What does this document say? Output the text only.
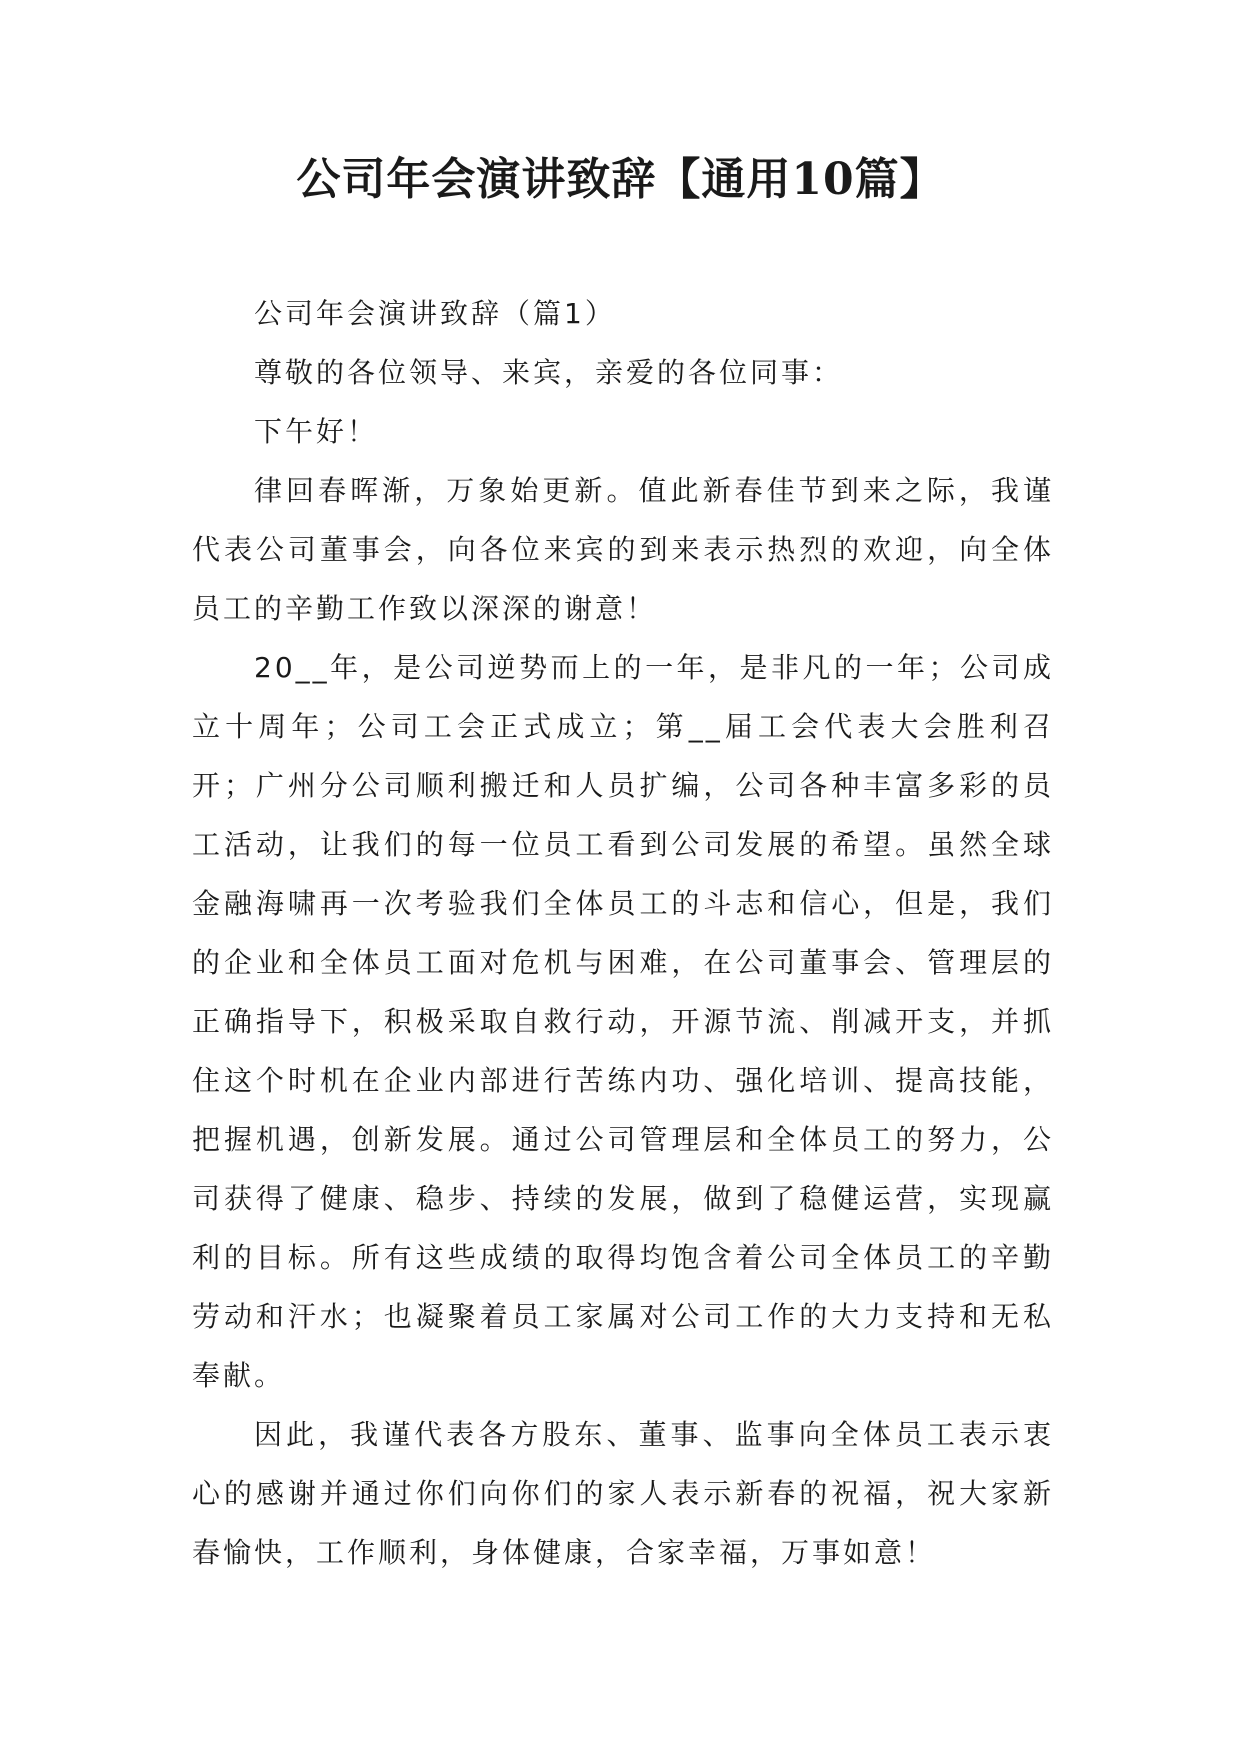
公司年会演讲致辞【通用10篇】

公司年会演讲致辞（篇1）

尊敬的各位领导、来宾，亲爱的各位同事：

下午好！

律回春晖渐，万象始更新。值此新春佳节到来之际，我谨代表公司董事会，向各位来宾的到来表示热烈的欢迎，向全体员工的辛勤工作致以深深的谢意！

20__年，是公司逆势而上的一年，是非凡的一年；公司成立十周年；公司工会正式成立；第__届工会代表大会胜利召开；广州分公司顺利搬迁和人员扩编，公司各种丰富多彩的员工活动，让我们的每一位员工看到公司发展的希望。虽然全球金融海啸再一次考验我们全体员工的斗志和信心，但是，我们的企业和全体员工面对危机与困难，在公司董事会、管理层的正确指导下，积极采取自救行动，开源节流、削减开支，并抓住这个时机在企业内部进行苦练内功、强化培训、提高技能，把握机遇，创新发展。通过公司管理层和全体员工的努力，公司获得了健康、稳步、持续的发展，做到了稳健运营，实现赢利的目标。所有这些成绩的取得均饱含着公司全体员工的辛勤劳动和汗水；也凝聚着员工家属对公司工作的大力支持和无私奉献。

因此，我谨代表各方股东、董事、监事向全体员工表示衷心的感谢并通过你们向你们的家人表示新春的祝福，祝大家新春愉快，工作顺利，身体健康，合家幸福，万事如意！
